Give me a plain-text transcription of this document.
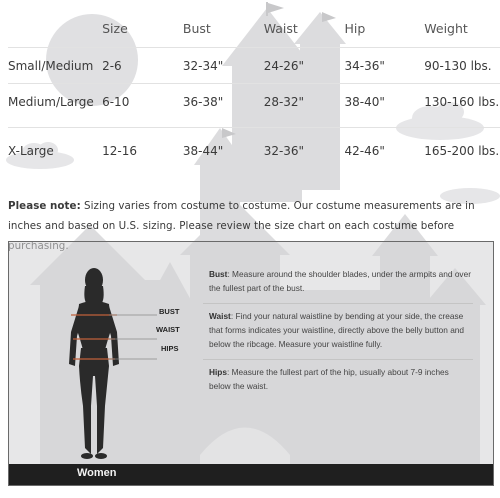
	Size	Bust	Waist	Hip	Weight
Small/Medium	2-6	32-34"	24-26"	34-36"	90-130 lbs.
Medium/Large	6-10	36-38"	28-32"	38-40"	130-160 lbs.
X-Large	12-16	38-44"	32-36"	42-46"	165-200 lbs.

Please note: Sizing varies from costume to costume. Our costume measurements are in inches and based on U.S. sizing. Please review the size chart on each costume before

BUST
WAIST
HIPS

Bust: Measure around the shoulder blades, under the armpits and over the fullest part of the bust.

Waist: Find your natural waistline by bending at your side, the crease that forms indicates your waistline, directly above the belly button and below the ribcage. Measure your waistline fully.

Hips: Measure the fullest part of the hip, usually about 7-9 inches below the waist.

Women
